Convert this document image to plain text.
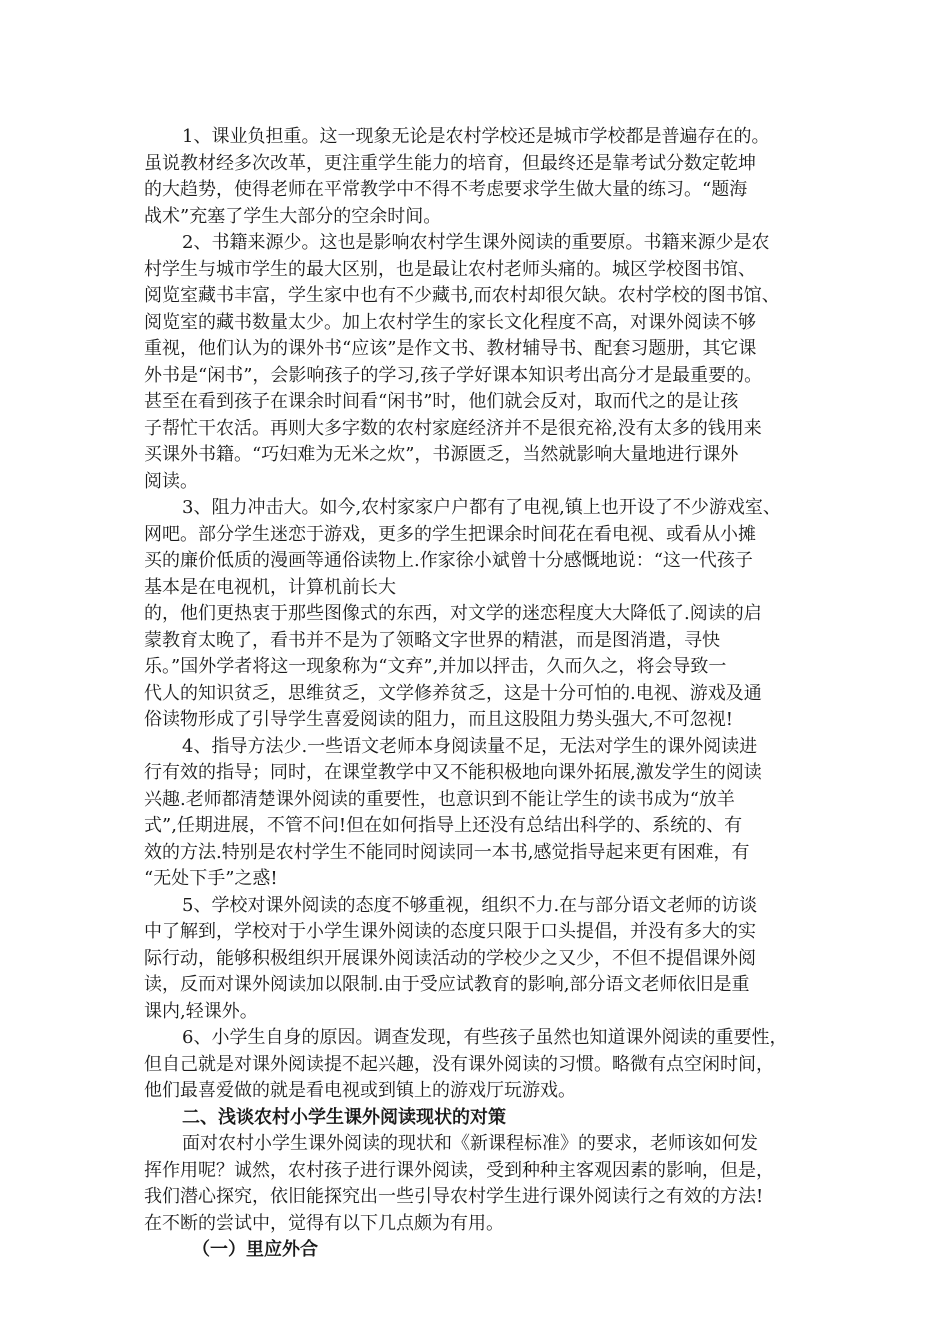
1、课业负担重。这一现象无论是农村学校还是城市学校都是普遍存在的。
虽说教材经多次改革，更注重学生能力的培育，但最终还是靠考试分数定乾坤
的大趋势，使得老师在平常教学中不得不考虑要求学生做大量的练习。“题海
战术”充塞了学生大部分的空余时间。
2、书籍来源少。这也是影响农村学生课外阅读的重要原。书籍来源少是农
村学生与城市学生的最大区别，也是最让农村老师头痛的。城区学校图书馆、
阅览室藏书丰富，学生家中也有不少藏书,而农村却很欠缺。农村学校的图书馆、
阅览室的藏书数量太少。加上农村学生的家长文化程度不高，对课外阅读不够
重视，他们认为的课外书“应该”是作文书、教材辅导书、配套习题册，其它课
外书是“闲书”，会影响孩子的学习,孩子学好课本知识考出高分才是最重要的。
甚至在看到孩子在课余时间看“闲书”时，他们就会反对，取而代之的是让孩
子帮忙干农活。再则大多字数的农村家庭经济并不是很充裕,没有太多的钱用来
买课外书籍。“巧妇难为无米之炊”，书源匮乏，当然就影响大量地进行课外
阅读。
3、阻力冲击大。如今,农村家家户户都有了电视,镇上也开设了不少游戏室、
网吧。部分学生迷恋于游戏，更多的学生把课余时间花在看电视、或看从小摊
买的廉价低质的漫画等通俗读物上.作家徐小斌曾十分感慨地说：“这一代孩子
基本是在电视机，计算机前长大
的，他们更热衷于那些图像式的东西，对文学的迷恋程度大大降低了.阅读的启
蒙教育太晚了，看书并不是为了领略文字世界的精湛，而是图消遣，寻快
乐。”国外学者将这一现象称为“文弃”,并加以抨击，久而久之，将会导致一
代人的知识贫乏，思维贫乏，文学修养贫乏，这是十分可怕的.电视、游戏及通
俗读物形成了引导学生喜爱阅读的阻力，而且这股阻力势头强大,不可忽视!
4、指导方法少.一些语文老师本身阅读量不足，无法对学生的课外阅读进
行有效的指导；同时，在课堂教学中又不能积极地向课外拓展,激发学生的阅读
兴趣.老师都清楚课外阅读的重要性，也意识到不能让学生的读书成为“放羊
式”,任期进展，不管不问!但在如何指导上还没有总结出科学的、系统的、有
效的方法.特别是农村学生不能同时阅读同一本书,感觉指导起来更有困难，有
“无处下手”之惑!
5、学校对课外阅读的态度不够重视，组织不力.在与部分语文老师的访谈
中了解到，学校对于小学生课外阅读的态度只限于口头提倡，并没有多大的实
际行动，能够积极组织开展课外阅读活动的学校少之又少，不但不提倡课外阅
读，反而对课外阅读加以限制.由于受应试教育的影响,部分语文老师依旧是重
课内,轻课外。
6、小学生自身的原因。调查发现，有些孩子虽然也知道课外阅读的重要性，
但自己就是对课外阅读提不起兴趣，没有课外阅读的习惯。略微有点空闲时间，
他们最喜爱做的就是看电视或到镇上的游戏厅玩游戏。
二、浅谈农村小学生课外阅读现状的对策
面对农村小学生课外阅读的现状和《新课程标准》的要求，老师该如何发
挥作用呢？诚然，农村孩子进行课外阅读，受到种种主客观因素的影响，但是，
我们潜心探究，依旧能探究出一些引导农村学生进行课外阅读行之有效的方法!
在不断的尝试中，觉得有以下几点颇为有用。
（一）里应外合
